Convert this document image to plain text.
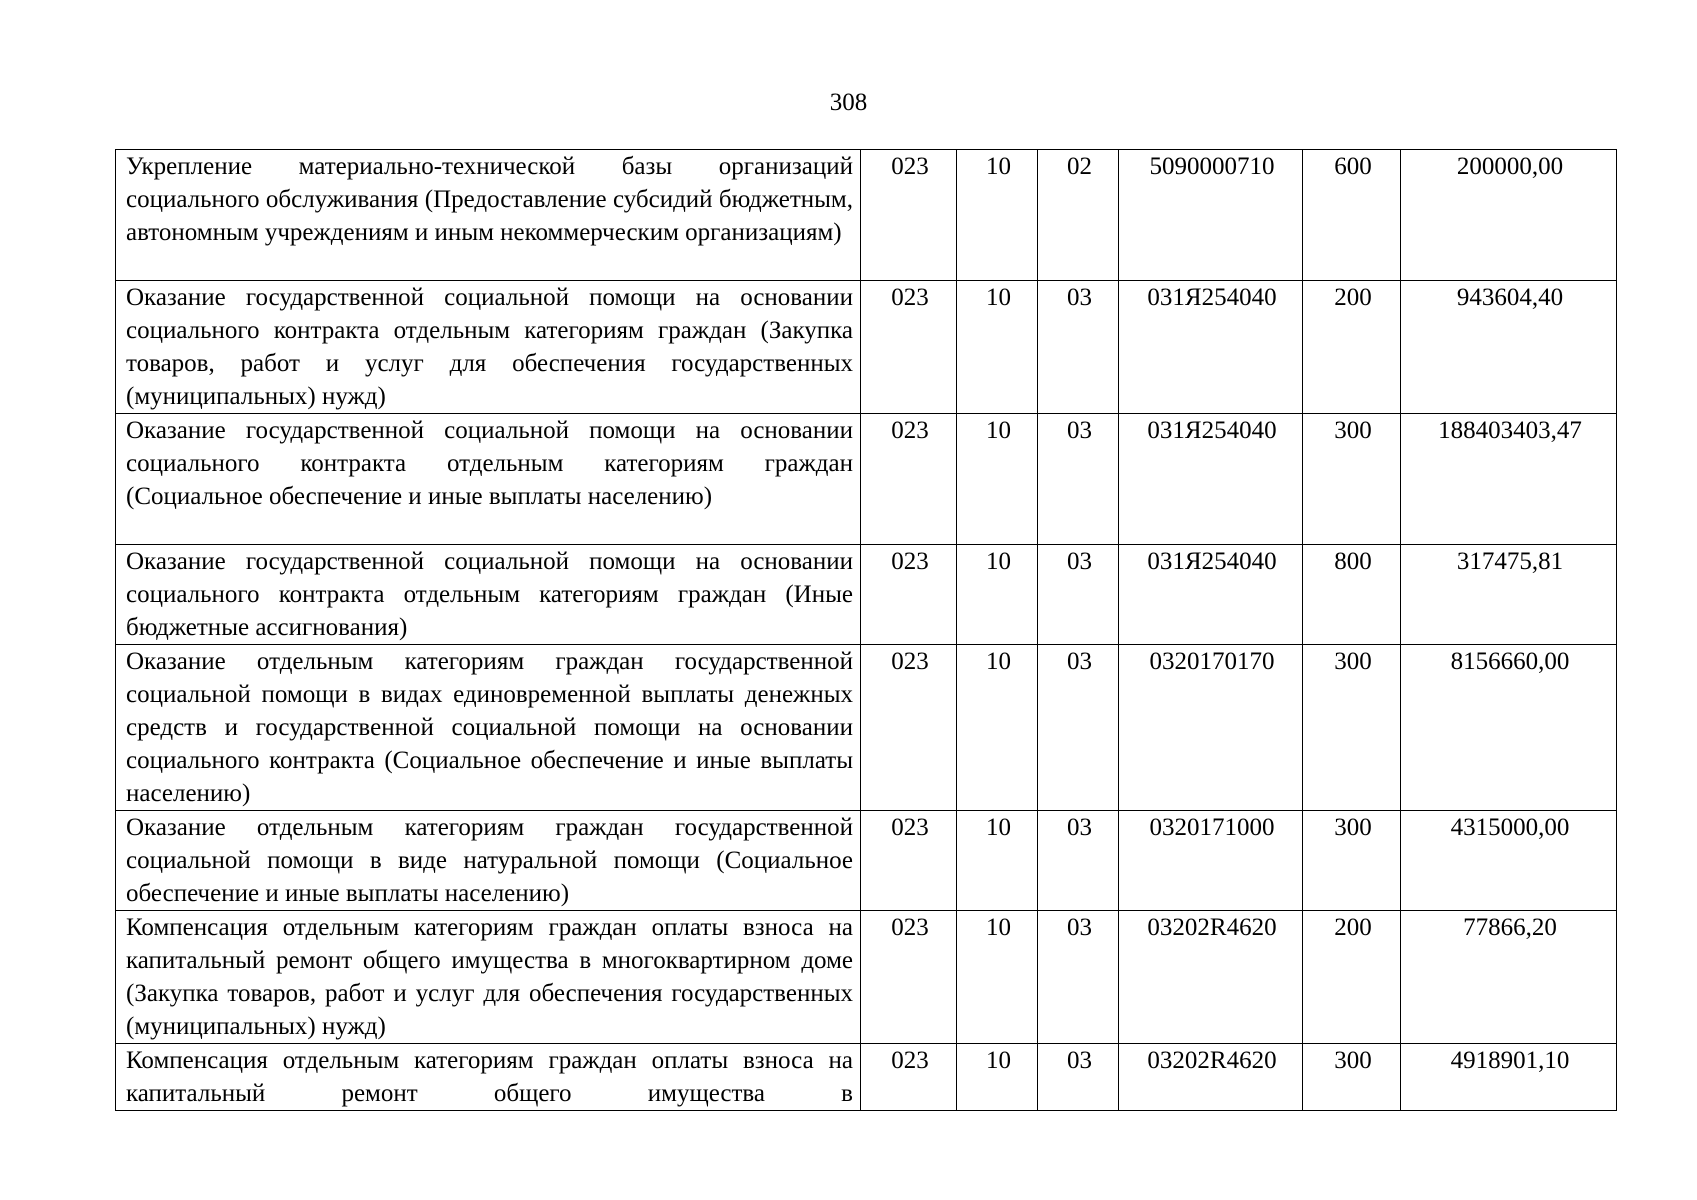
308
Укрепление материально-технической базы организаций социального обслуживания (Предоставление субсидий бюджетным, автономным учреждениям и иным некоммерческим организациям)	023	10	02	5090000710	600	200000,00
Оказание государственной социальной помощи на основании социального контракта отдельным категориям граждан (Закупка товаров, работ и услуг для обеспечения государственных (муниципальных) нужд)	023	10	03	031Я254040	200	943604,40
Оказание государственной социальной помощи на основании социального контракта отдельным категориям граждан (Социальное обеспечение и иные выплаты населению)	023	10	03	031Я254040	300	188403403,47
Оказание государственной социальной помощи на основании социального контракта отдельным категориям граждан (Иные бюджетные ассигнования)	023	10	03	031Я254040	800	317475,81
Оказание отдельным категориям граждан государственной социальной помощи в видах единовременной выплаты денежных средств и государственной социальной помощи на основании социального контракта (Социальное обеспечение и иные выплаты населению)	023	10	03	0320170170	300	8156660,00
Оказание отдельным категориям граждан государственной социальной помощи в виде натуральной помощи (Социальное обеспечение и иные выплаты населению)	023	10	03	0320171000	300	4315000,00
Компенсация отдельным категориям граждан оплаты взноса на капитальный ремонт общего имущества в многоквартирном доме (Закупка товаров, работ и услуг для обеспечения государственных (муниципальных) нужд)	023	10	03	03202R4620	200	77866,20
Компенсация отдельным категориям граждан оплаты взноса на капитальный ремонт общего имущества в	023	10	03	03202R4620	300	4918901,10
